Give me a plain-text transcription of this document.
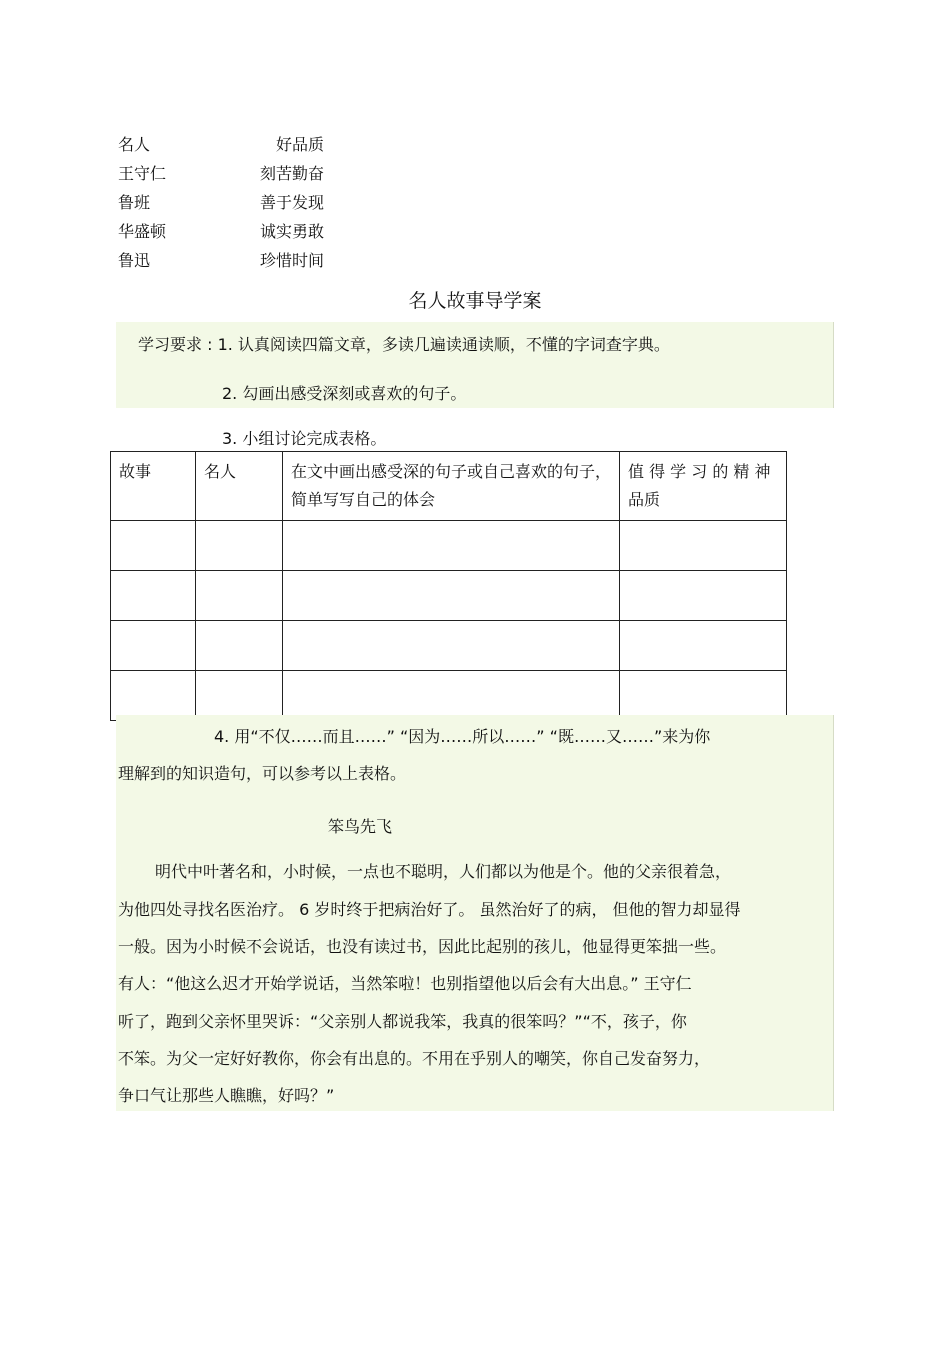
名人	好品质
王守仁	刻苦勤奋
鲁班	善于发现
华盛顿	诚实勇敢
鲁迅	珍惜时间
名人故事导学案
学习要求 : 1. 认真阅读四篇文章，多读几遍读通读顺，不懂的字词查字典。
2. 勾画出感受深刻或喜欢的句子。
3. 小组讨论完成表格。
故事	名人	在文中画出感受深的句子或自己喜欢的句子，简单写写自己的体会	值 得 学 习 的 精 神 品质

4. 用“不仅……而且……” “因为……所以……” “既……又……”来为你
理解到的知识造句，可以参考以上表格。
笨鸟先飞
明代中叶著名和，小时候，一点也不聪明，人们都以为他是个。他的父亲很着急，
为他四处寻找名医治疗。 6 岁时终于把病治好了。 虽然治好了的病， 但他的智力却显得
一般。因为小时候不会说话，也没有读过书，因此比起别的孩儿，他显得更笨拙一些。
有人：“他这么迟才开始学说话，当然笨啦！也别指望他以后会有大出息。” 王守仁
听了，跑到父亲怀里哭诉：“父亲别人都说我笨，我真的很笨吗？”“不，孩子，你
不笨。为父一定好好教你，你会有出息的。不用在乎别人的嘲笑，你自己发奋努力，
争口气让那些人瞧瞧，好吗？”
